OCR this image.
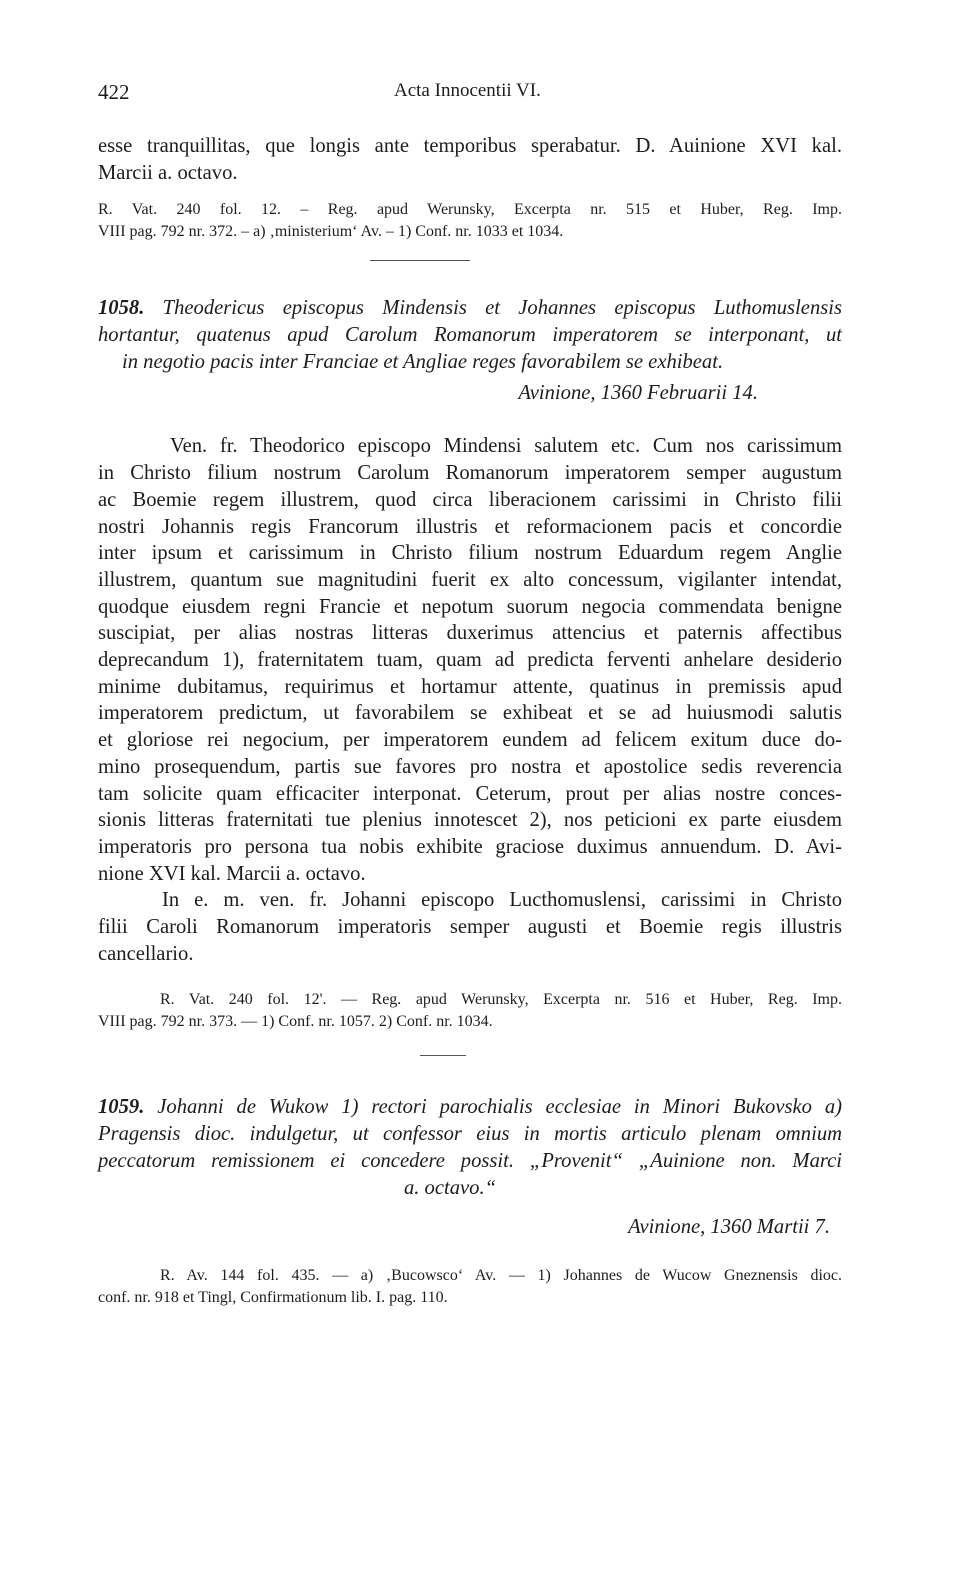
422	Acta Innocentii VI.
esse tranquillitas, que longis ante temporibus sperabatur. D. Auinione XVI kal.
Marcii a. octavo.
R. Vat. 240 fol. 12. – Reg. apud Werunsky, Excerpta nr. 515 et Huber, Reg. Imp.
VIII pag. 792 nr. 372. – a) ‚ministerium‘ Av. – 1) Conf. nr. 1033 et 1034.
1058. Theodericus episcopus Mindensis et Johannes episcopus Luthomuslensis
hortantur, quatenus apud Carolum Romanorum imperatorem se interponant, ut
in negotio pacis inter Franciae et Angliae reges favorabilem se exhibeat.
Avinione, 1360 Februarii 14.
Ven. fr. Theodorico episcopo Mindensi salutem etc. Cum nos carissimum
in Christo filium nostrum Carolum Romanorum imperatorem semper augustum
ac Boemie regem illustrem, quod circa liberacionem carissimi in Christo filii
nostri Johannis regis Francorum illustris et reformacionem pacis et concordie
inter ipsum et carissimum in Christo filium nostrum Eduardum regem Anglie
illustrem, quantum sue magnitudini fuerit ex alto concessum, vigilanter intendat,
quodque eiusdem regni Francie et nepotum suorum negocia commendata benigne
suscipiat, per alias nostras litteras duxerimus attencius et paternis affectibus
deprecandum 1), fraternitatem tuam, quam ad predicta ferventi anhelare desiderio
minime dubitamus, requirimus et hortamur attente, quatinus in premissis apud
imperatorem predictum, ut favorabilem se exhibeat et se ad huiusmodi salutis
et gloriose rei negocium, per imperatorem eundem ad felicem exitum duce do-
mino prosequendum, partis sue favores pro nostra et apostolice sedis reverencia
tam solicite quam efficaciter interponat. Ceterum, prout per alias nostre conces-
sionis litteras fraternitati tue plenius innotescet 2), nos peticioni ex parte eiusdem
imperatoris pro persona tua nobis exhibite graciose duximus annuendum. D. Avi-
nione XVI kal. Marcii a. octavo.
In e. m. ven. fr. Johanni episcopo Lucthomuslensi, carissimi in Christo
filii Caroli Romanorum imperatoris semper augusti et Boemie regis illustris
cancellario.
R. Vat. 240 fol. 12'. — Reg. apud Werunsky, Excerpta nr. 516 et Huber, Reg. Imp.
VIII pag. 792 nr. 373. — 1) Conf. nr. 1057. 2) Conf. nr. 1034.
1059. Johanni de Wukow 1) rectori parochialis ecclesiae in Minori Bukovsko a)
Pragensis dioc. indulgetur, ut confessor eius in mortis articulo plenam omnium
peccatorum remissionem ei concedere possit. „Provenit“ „Auinione non. Marci
a. octavo.“
Avinione, 1360 Martii 7.
R. Av. 144 fol. 435. — a) ‚Bucowsco‘ Av. — 1) Johannes de Wucow Gneznensis dioc.
conf. nr. 918 et Tingl, Confirmationum lib. I. pag. 110.
